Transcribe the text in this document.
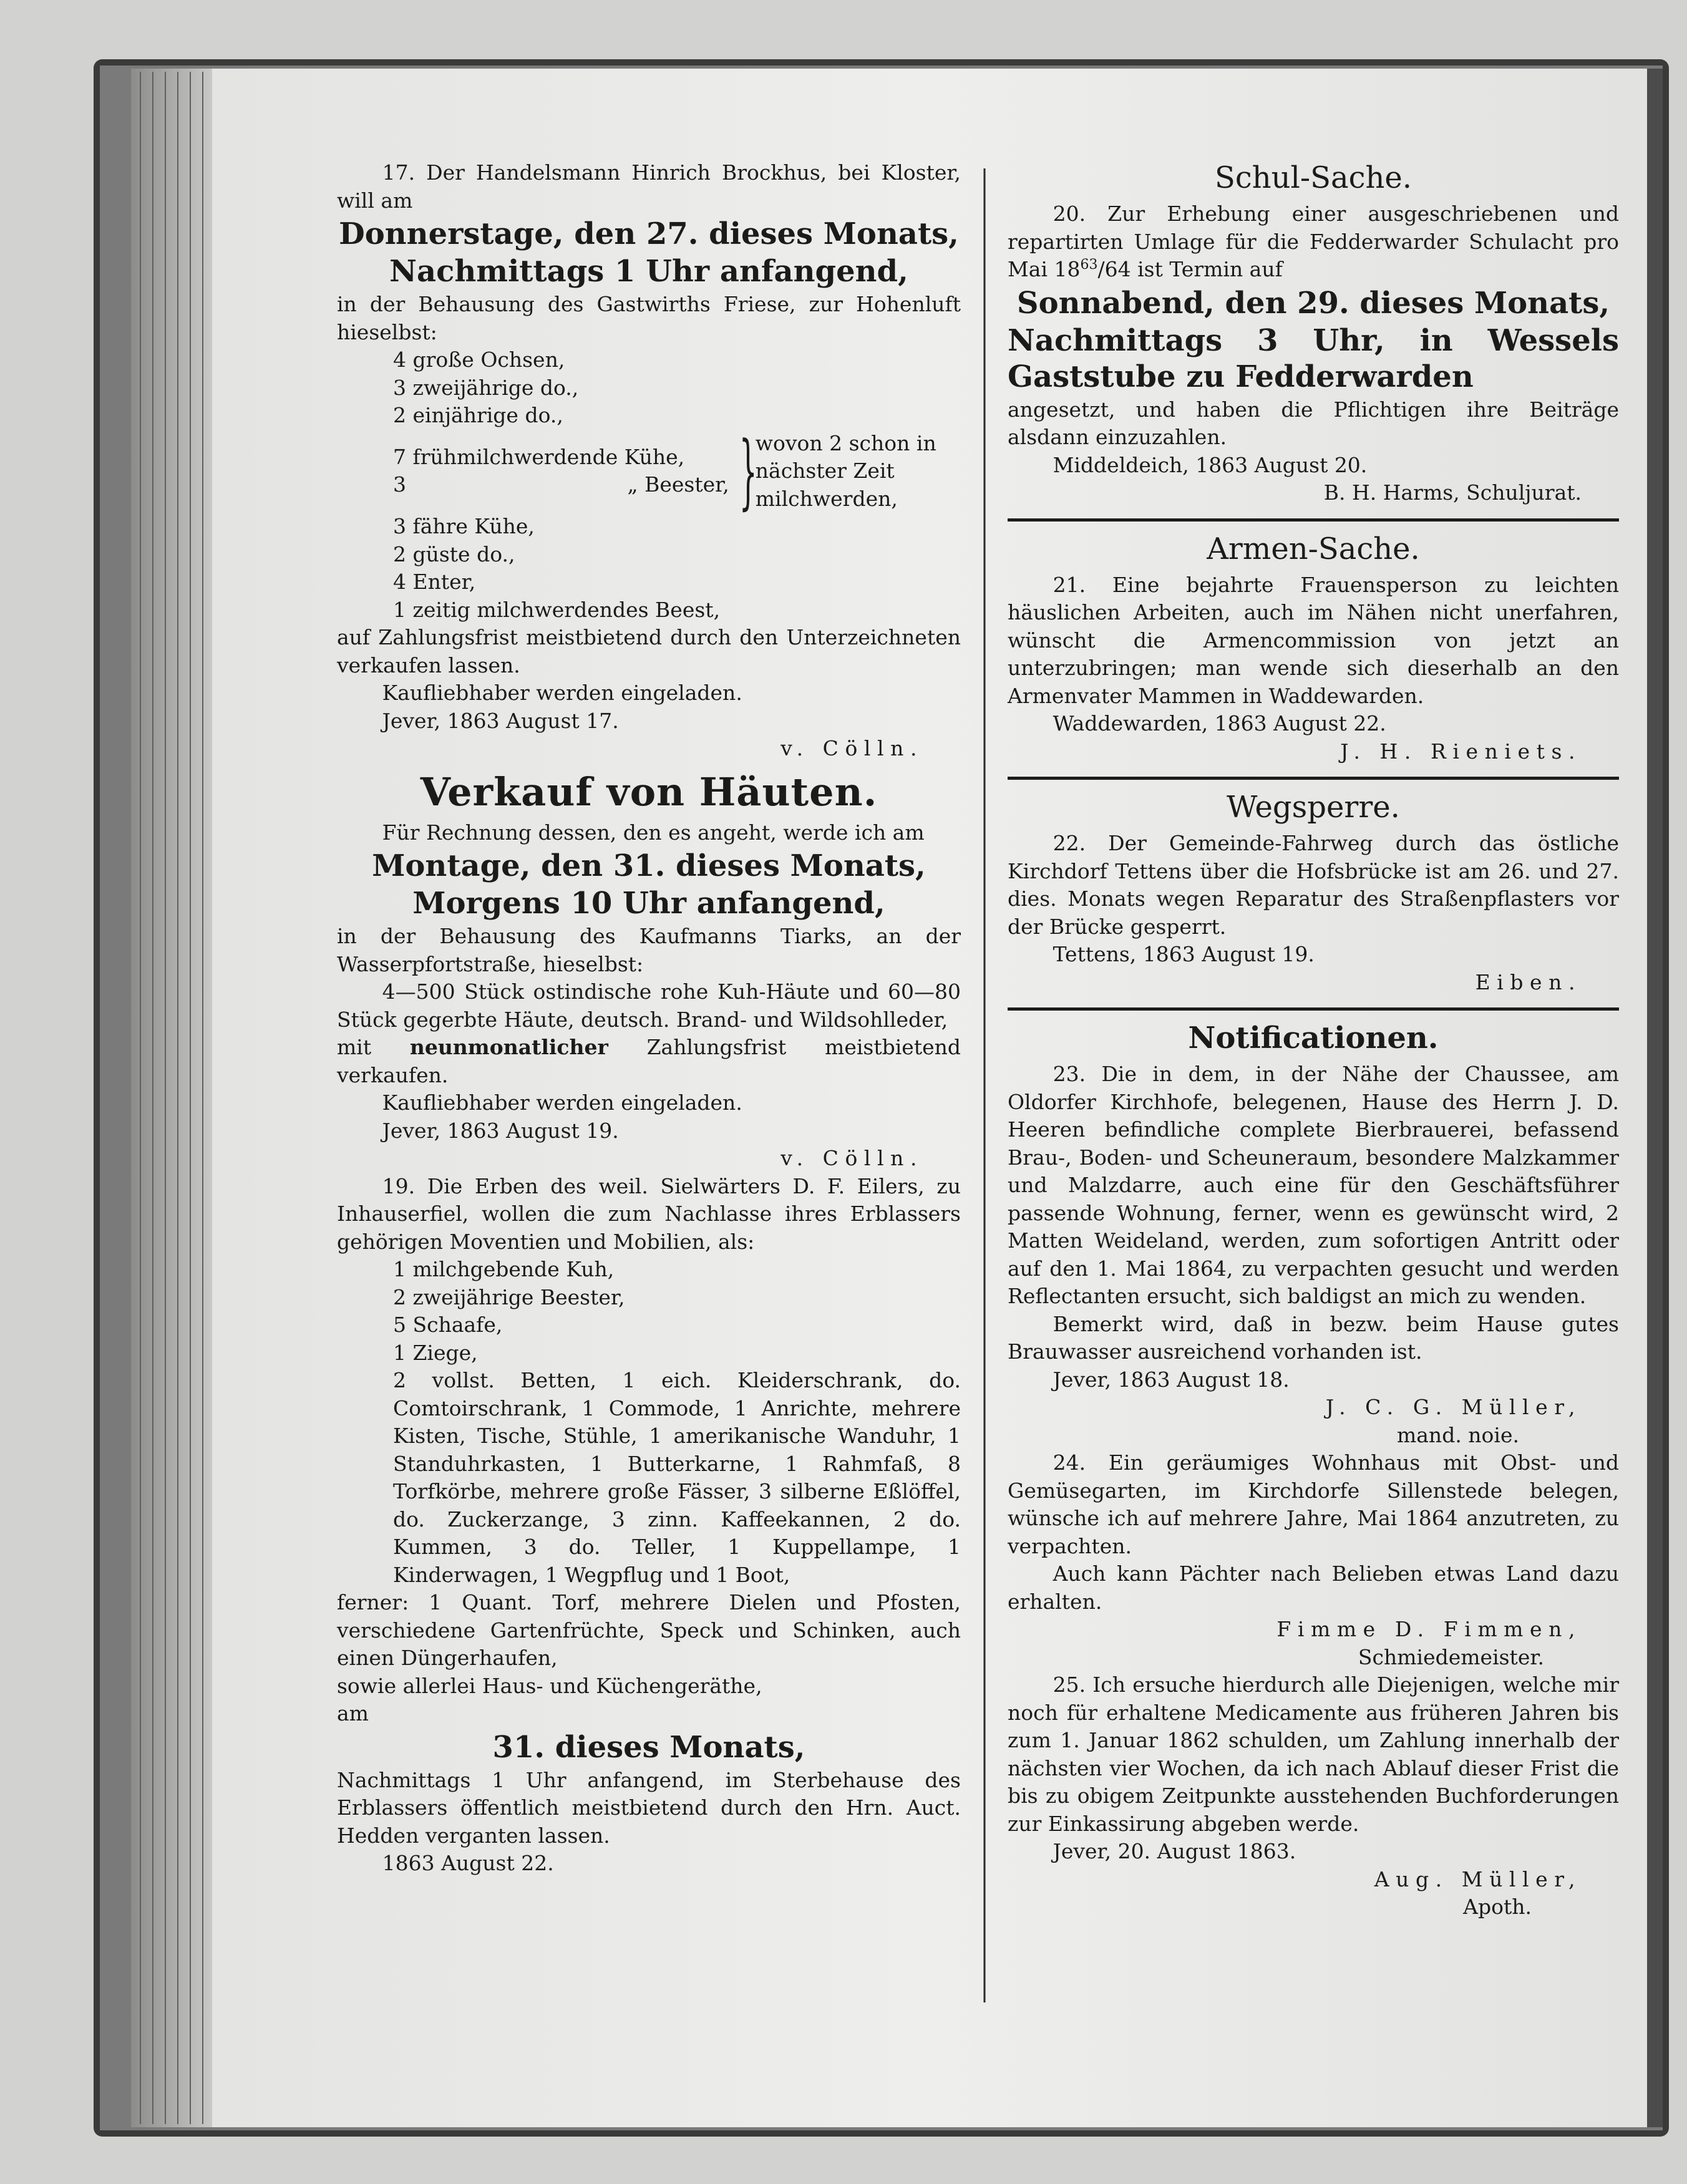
17. Der Handelsmann Hinrich Brockhus, bei Kloster, will am

Donnerstage, den 27. dieses Monats,
Nachmittags 1 Uhr anfangend,

in der Behausung des Gastwirths Friese, zur Hohenluft hieselbst:

4 große Ochsen,
3 zweijährige do.,
2 einjährige do.,
7 frühmilchwerdende Kühe,
3	„ Beester, }
wovon 2 schon in nächster Zeit milchwerden,
3 fähre Kühe,
2 güste do.,
4 Enter,
1 zeitig milchwerdendes Beest,

auf Zahlungsfrist meistbietend durch den Unterzeichneten verkaufen lassen.

Kaufliebhaber werden eingeladen.

Jever, 1863 August 17.

v. Cölln.

Verkauf von Häuten.

Für Rechnung dessen, den es angeht, werde ich am

Montage, den 31. dieses Monats,
Morgens 10 Uhr anfangend,

in der Behausung des Kaufmanns Tiarks, an der Wasserpfortstraße, hieselbst:

4—500 Stück ostindische rohe Kuh-Häute und 60—80 Stück gegerbte Häute, deutsch. Brand- und Wildsohlleder,

mit neunmonatlicher Zahlungsfrist meistbietend verkaufen.

Kaufliebhaber werden eingeladen.

Jever, 1863 August 19.

v. Cölln.

19. Die Erben des weil. Sielwärters D. F. Eilers, zu Inhauserfiel, wollen die zum Nachlasse ihres Erblassers gehörigen Moventien und Mobilien, als:

1 milchgebende Kuh,
2 zweijährige Beester,
5 Schaafe,
1 Ziege,

2 vollst. Betten, 1 eich. Kleiderschrank, do. Comtoirschrank, 1 Commode, 1 Anrichte, mehrere Kisten, Tische, Stühle, 1 amerikanische Wanduhr, 1 Standuhrkasten, 1 Butterkarne, 1 Rahmfaß, 8 Torfkörbe, mehrere große Fässer, 3 silberne Eßlöffel, do. Zuckerzange, 3 zinn. Kaffeekannen, 2 do. Kummen, 3 do. Teller, 1 Kuppellampe, 1 Kinderwagen, 1 Wegpflug und 1 Boot,

ferner: 1 Quant. Torf, mehrere Dielen und Pfosten, verschiedene Gartenfrüchte, Speck und Schinken, auch einen Düngerhaufen,

sowie allerlei Haus- und Küchengeräthe,

am

31. dieses Monats,

Nachmittags 1 Uhr anfangend, im Sterbehause des Erblassers öffentlich meistbietend durch den Hrn. Auct. Hedden verganten lassen.

1863 August 22.

Schul-Sache.

20. Zur Erhebung einer ausgeschriebenen und repartirten Umlage für die Fedderwarder Schulacht pro Mai $18^{63}/64$ ist Termin auf

Sonnabend, den 29. dieses Monats,
Nachmittags 3 Uhr, in Wessels Gaststube zu Fedderwarden

angesetzt, und haben die Pflichtigen ihre Beiträge alsdann einzuzahlen.

Middeldeich, 1863 August 20.

B. H. Harms, Schuljurat.

Armen-Sache.

21. Eine bejahrte Frauensperson zu leichten häuslichen Arbeiten, auch im Nähen nicht unerfahren, wünscht die Armencommission von jetzt an unterzubringen; man wende sich dieserhalb an den Armenvater Mammen in Waddewarden.

Waddewarden, 1863 August 22.

J. H. Rieniets.

Wegsperre.

22. Der Gemeinde-Fahrweg durch das östliche Kirchdorf Tettens über die Hofsbrücke ist am 26. und 27. dies. Monats wegen Reparatur des Straßenpflasters vor der Brücke gesperrt.

Tettens, 1863 August 19.

Eiben.

Notificationen.

23. Die in dem, in der Nähe der Chaussee, am Oldorfer Kirchhofe, belegenen, Hause des Herrn J. D. Heeren befindliche complete Bierbrauerei, befassend Brau-, Boden- und Scheuneraum, besondere Malzkammer und Malzdarre, auch eine für den Geschäftsführer passende Wohnung, ferner, wenn es gewünscht wird, 2 Matten Weideland, werden, zum sofortigen Antritt oder auf den 1. Mai 1864, zu verpachten gesucht und werden Reflectanten ersucht, sich baldigst an mich zu wenden.

Bemerkt wird, daß in bezw. beim Hause gutes Brauwasser ausreichend vorhanden ist.

Jever, 1863 August 18.

J. C. G. Müller,

mand. noie.

24. Ein geräumiges Wohnhaus mit Obst- und Gemüsegarten, im Kirchdorfe Sillenstede belegen, wünsche ich auf mehrere Jahre, Mai 1864 anzutreten, zu verpachten.

Auch kann Pächter nach Belieben etwas Land dazu erhalten.

Fimme D. Fimmen,

Schmiedemeister.

25. Ich ersuche hierdurch alle Diejenigen, welche mir noch für erhaltene Medicamente aus früheren Jahren bis zum 1. Januar 1862 schulden, um Zahlung innerhalb der nächsten vier Wochen, da ich nach Ablauf dieser Frist die bis zu obigem Zeitpunkte ausstehenden Buchforderungen zur Einkassirung abgeben werde.

Jever, 20. August 1863.

Aug. Müller,

Apoth.
